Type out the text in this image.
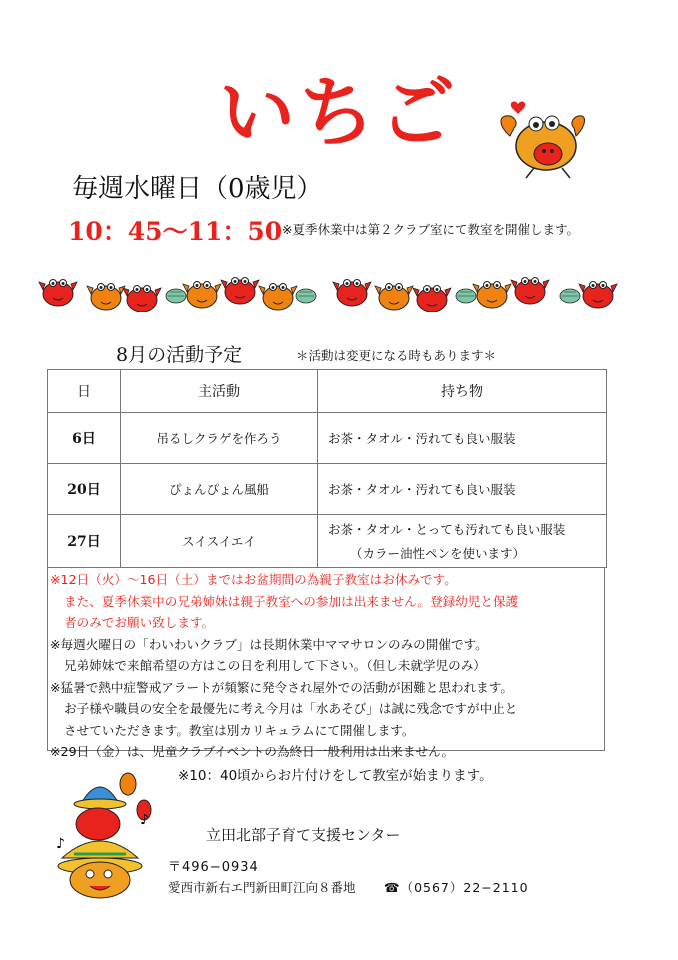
いちご
毎週水曜日（0歳児）
10：45〜11：50 ※夏季休業中は第２クラブ室にて教室を開催します。
8月の活動予定	＊活動は変更になる時もあります＊
日	主活動	持ち物
6日	吊るしクラゲを作ろう	お茶・タオル・汚れても良い服装
20日	ぴょんぴょん風船	お茶・タオル・汚れても良い服装
27日	スイスイエイ	お茶・タオル・とっても汚れても良い服装
（カラー油性ペンを使います）
※12日（火）〜16日（土）まではお盆期間の為親子教室はお休みです。
また、夏季休業中の兄弟姉妹は親子教室への参加は出来ません。登録幼児と保護
者のみでお願い致します。
※毎週火曜日の「わいわいクラブ」は長期休業中ママサロンのみの開催です。
兄弟姉妹で来館希望の方はこの日を利用して下さい。（但し未就学児のみ）
※猛暑で熱中症警戒アラートが頻繁に発令され屋外での活動が困難と思われます。
お子様や職員の安全を最優先に考え今月は「水あそび」は誠に残念ですが中止と
させていただきます。教室は別カリキュラムにて開催します。
※29日（金）は、児童クラブイベントの為終日一般利用は出来ません。
♪
♪
※10：40頃からお片付けをして教室が始まります。
立田北部子育て支援センター
〒496−0934
愛西市新右エ門新田町江向８番地 ☎（0567）22−2110
